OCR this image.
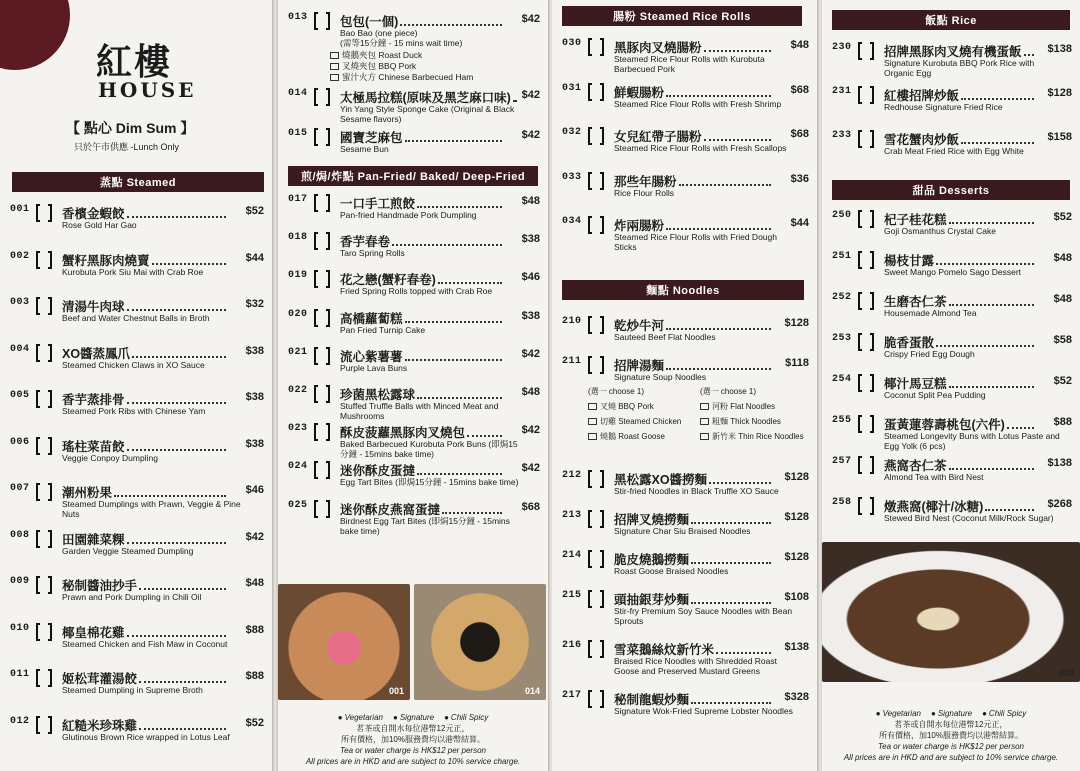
紅樓
HOUSE
【 點心 Dim Sum 】
只於午市供應 -Lunch Only
蒸點 Steamed
001	香檳金蝦餃	$52
Rose Gold Har Gao
002	蟹籽黑豚肉燒賣	$44
Kurobuta Pork Siu Mai with Crab Roe
003	清湯牛肉球	$32
Beef and Water Chestnut Balls in Broth
004	XO醬蒸鳳爪	$38
Steamed Chicken Claws in XO Sauce
005	香芋蒸排骨	$38
Steamed Pork Ribs with Chinese Yam
006	瑤柱菜苗餃	$38
Veggie Conpoy Dumpling
007	潮州粉果	$46
Steamed Dumplings with Prawn, Veggie & Pine Nuts
008	田園雜菜粿	$42
Garden Veggie Steamed Dumpling
009	秘制醬油抄手	$48
Prawn and Pork Dumpling in Chili Oil
010	椰皇棉花雞	$88
Steamed Chicken and Fish Maw in Coconut
011	姬松茸灌湯餃	$88
Steamed Dumpling in Supreme Broth
012	紅糙米珍珠雞	$52
Glutinous Brown Rice wrapped in Lotus Leaf
013	包包(一個)	$42
Bao Bao (one piece)
(需等15分鐘 - 15 mins wait time)
燒鵝夾包 Roast Duck
叉燒夾包 BBQ Pork
蜜汁火方 Chinese Barbecued Ham
014	太極馬拉糕(原味及黑芝麻口味) $42
Yin Yang Style Sponge Cake (Original & Black Sesame flavors)
015	國寶芝麻包	$42
Sesame Bun
煎/焗/炸點 Pan-Fried/ Baked/ Deep-Fried
017	一口手工煎餃	$48
Pan-fried Handmade Pork Dumpling
018	香芋春卷	$38
Taro Spring Rolls
019	花之戀(蟹籽春卷)	$46
Fried Spring Rolls topped with Crab Roe
020	高橋蘿蔔糕	$38
Pan Fried Turnip Cake
021	流心紫薯薯	$42
Purple Lava Buns
022	珍菌黑松露球	$48
Stuffed Truffle Balls with Minced Meat and Mushrooms
023	酥皮菠蘿黑豚肉叉燒包	$42
Baked Barbecued Kurobuta Pork Buns (即焗15分鐘 - 15mins bake time)
024	迷你酥皮蛋撻	$42
Egg Tart Bites (即焗15分鐘 - 15mins bake time)
025	迷你酥皮燕窩蛋撻	$68
Birdnest Egg Tart Bites (即焗15分鐘 - 15mins bake time)
001	014
● Vegetarian	● Signature	● Chili Spicy
茗茶或自開水每位港幣12元正，
所有價格，加10%服務費均以港幣結算。
Tea or water charge is HK$12 per person
All prices are in HKD and are subject to 10% service charge.
腸粉 Steamed Rice Rolls
030	黑豚肉叉燒腸粉	$48
Steamed Rice Flour Rolls with Kurobuta Barbecued Pork
031	鮮蝦腸粉	$68
Steamed Rice Flour Rolls with Fresh Shrimp
032	女兒紅帶子腸粉	$68
Steamed Rice Flour Rolls with Fresh Scallops
033	那些年腸粉	$36
Rice Flour Rolls
034	炸兩腸粉	$44
Steamed Rice Flour Rolls with Fried Dough Sticks
麵點 Noodles
210	乾炒牛河	$128
Sauteed Beef Flat Noodles
211	招牌湯麵	$118
Signature Soup Noodles
212	黑松露XO醬撈麵	$128
Stir-fried Noodles in Black Truffle XO Sauce
213	招牌叉燒撈麵	$128
Signature Char Siu Braised Noodles
214	脆皮燒鵝撈麵	$128
Roast Goose Braised Noodles
215	頭抽銀芽炒麵	$108
Stir-fry Premium Soy Sauce Noodles with Bean Sprouts
216	雪菜鵝絲炆新竹米	$138
Braised Rice Noodles with Shredded Roast Goose and Preserved Mustard Greens
217	秘制龍蝦炒麵	$328
Signature Wok-Fried Supreme Lobster Noodles
(選一 choose 1)
叉燒 BBQ Pork
切雞 Steamed Chicken
燒鵝 Roast Goose
(選一 choose 1)
河粉 Flat Noodles
粗麵 Thick Noodles
新竹米 Thin Rice Noodles
飯點 Rice
230	招牌黑豚肉叉燒有機蛋飯 $138
Signature Kurobuta BBQ Pork Rice with Organic Egg
231	紅樓招牌炒飯	$128
Redhouse Signature Fried Rice
233	雪花蟹肉炒飯	$158
Crab Meat Fried Rice with Egg White
甜品 Desserts
250	杞子桂花糕	$52
Goji Osmanthus Crystal Cake
251	楊枝甘露	$48
Sweet Mango Pomelo Sago Dessert
252	生磨杏仁茶	$48
Housemade Almond Tea
253	脆香蛋散	$58
Crispy Fried Egg Dough
254	椰汁馬豆糕	$52
Coconut Split Pea Pudding
255	蛋黃蓮蓉壽桃包(六件)	$88
Steamed Longevity Buns with Lotus Paste and Egg Yolk (6 pcs)
257	燕窩杏仁茶	$138
Almond Tea with Bird Nest
258	燉燕窩(椰汁/冰糖)	$268
Stewed Bird Nest (Coconut Milk/Rock Sugar)
003
● Vegetarian	● Signature	● Chili Spicy
茗茶或自開水每位港幣12元正，
所有價格，加10%服務費均以港幣結算。
Tea or water charge is HK$12 per person
All prices are in HKD and are subject to 10% service charge.
